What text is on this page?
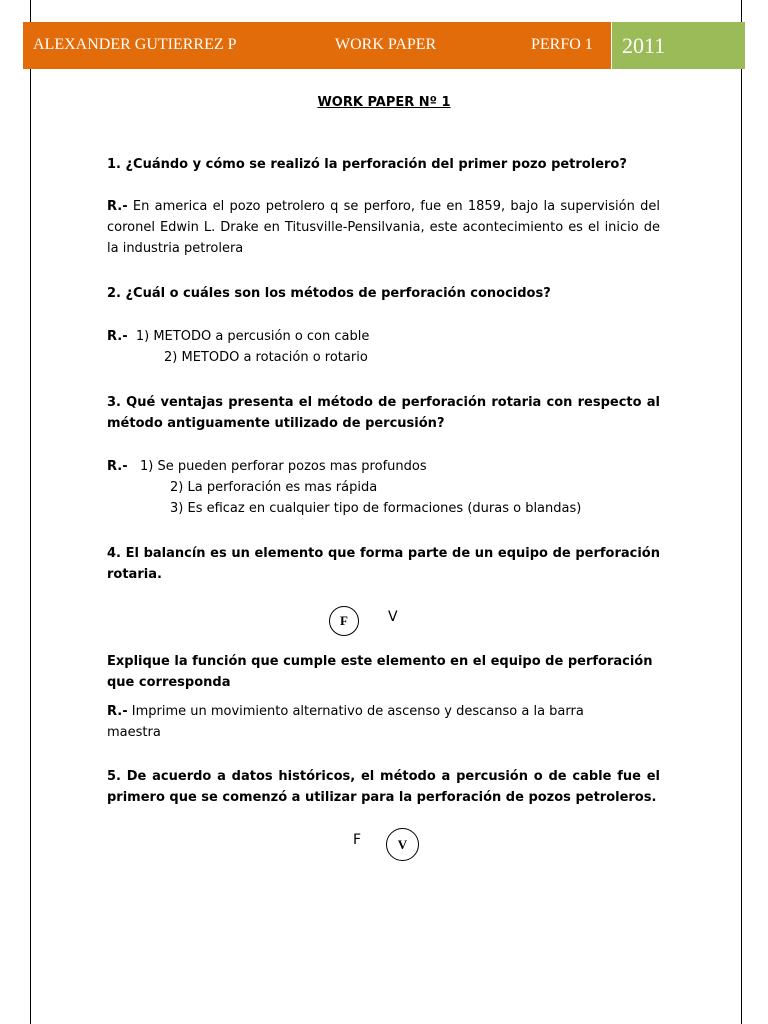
ALEXANDER GUTIERREZ P	WORK PAPER	PERFO 1	2011
WORK PAPER Nº 1
1. ¿Cuándo y cómo se realizó la perforación del primer pozo petrolero?
R.- En america el pozo petrolero q se perforo, fue en 1859, bajo la supervisión del coronel Edwin L. Drake en Titusville-Pensilvania, este acontecimiento es el inicio de la industria petrolera
2. ¿Cuál o cuáles son los métodos de perforación conocidos?
R.- 1) METODO a percusión o con cable
2) METODO a rotación o rotario
3. Qué ventajas presenta el método de perforación rotaria con respecto al método antiguamente utilizado de percusión?
R.- 1) Se pueden perforar pozos mas profundos
2) La perforación es mas rápida
3) Es eficaz en cualquier tipo de formaciones (duras o blandas)
4. El balancín es un elemento que forma parte de un equipo de perforación rotaria.
F	V
Explique la función que cumple este elemento en el equipo de perforación que corresponda
R.- Imprime un movimiento alternativo de ascenso y descanso a la barra maestra
5. De acuerdo a datos históricos, el método a percusión o de cable fue el primero que se comenzó a utilizar para la perforación de pozos petroleros.
F	V
